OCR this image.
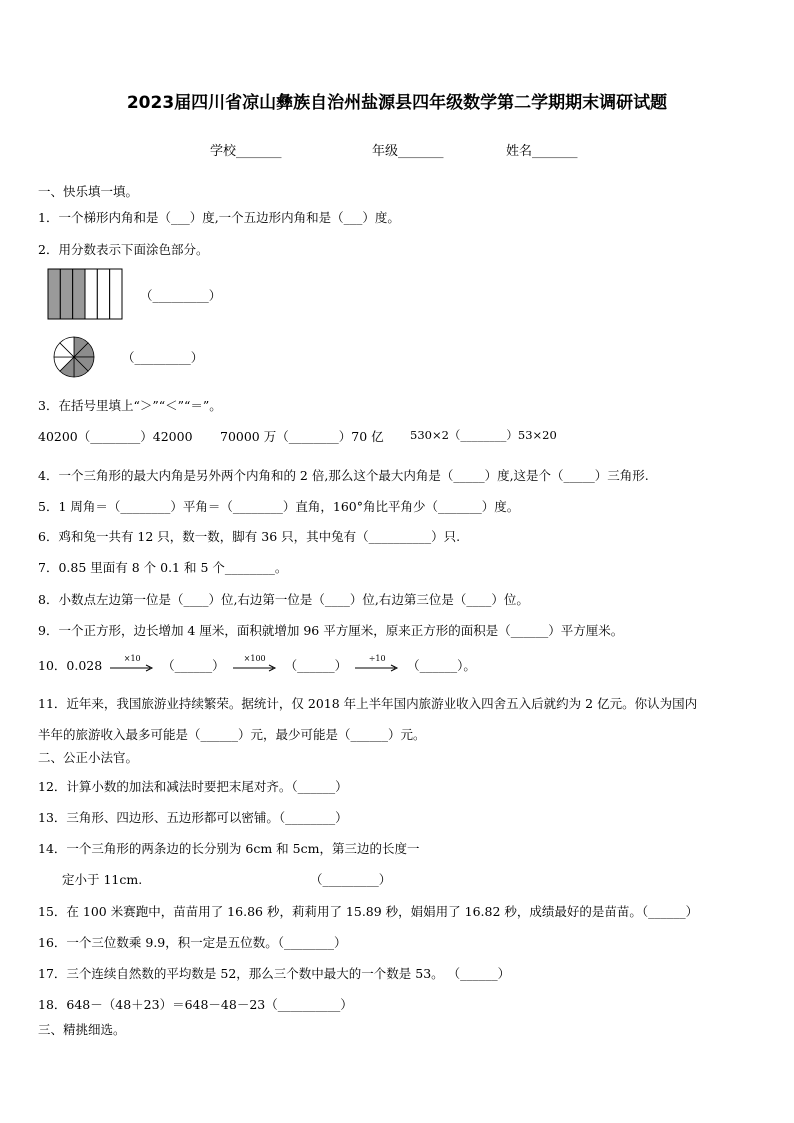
2023届四川省凉山彝族自治州盐源县四年级数学第二学期期末调研试题
学校_______	年级_______	姓名_______
一、快乐填一填。
1．一个梯形内角和是（___）度,一个五边形内角和是（___）度。
2．用分数表示下面涂色部分。
（_________）
（_________）
3．在括号里填上“＞”“＜”“＝”。
40200（________）42000 70000 万（________）70 亿 530×2（________）53×20
4．一个三角形的最大内角是另外两个内角和的 2 倍,那么这个最大内角是（_____）度,这是个（_____）三角形.
5．1 周角＝（________）平角＝（________）直角，160°角比平角少（_______）度。
6．鸡和兔一共有 12 只，数一数，脚有 36 只，其中兔有（__________）只.
7．0.85 里面有 8 个 0.1 和 5 个________。
8．小数点左边第一位是（____）位,右边第一位是（____）位,右边第三位是（____）位。
9．一个正方形，边长增加 4 厘米，面积就增加 96 平方厘米，原来正方形的面积是（______）平方厘米。
10．0.028	×10	（______）	×100	（______）	÷10	（______）。
11．近年来，我国旅游业持续繁荣。据统计，仅 2018 年上半年国内旅游业收入四舍五入后就约为 2 亿元。你认为国内
半年的旅游收入最多可能是（______）元，最少可能是（______）元。
二、公正小法官。
12．计算小数的加法和减法时要把末尾对齐。（______）
13．三角形、四边形、五边形都可以密铺。（________）
14．一个三角形的两条边的长分别为 6cm 和 5cm，第三边的长度一
定小于 11cm.	（_________）
15．在 100 米赛跑中，苗苗用了 16.86 秒，莉莉用了 15.89 秒，娟娟用了 16.82 秒，成绩最好的是苗苗。（______）
16．一个三位数乘 9.9，积一定是五位数。（________）
17．三个连续自然数的平均数是 52，那么三个数中最大的一个数是 53。 （______）
18．648－（48＋23）＝648－48－23（__________）
三、精挑细选。
